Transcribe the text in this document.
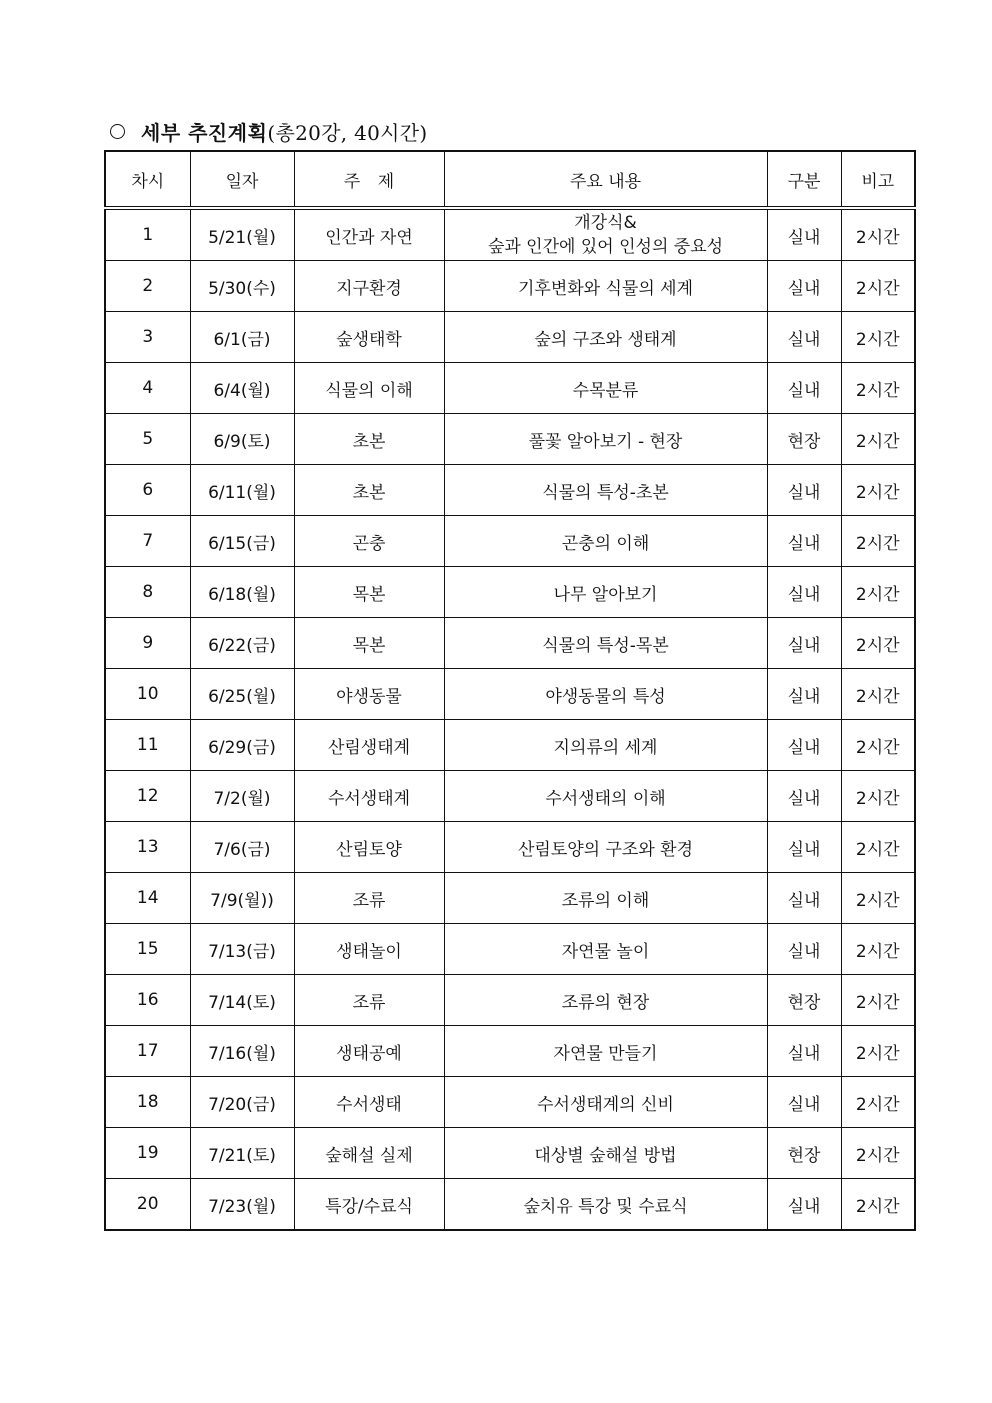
세부 추진계획 (총20강, 40시간)
차시	일자	주 제	주요 내용	구분	비고
1	5/21(월)	인간과 자연	개강식&
숲과 인간에 있어 인성의 중요성	실내	2시간
2	5/30(수)	지구환경	기후변화와 식물의 세계	실내	2시간
3	6/1(금)	숲생태학	숲의 구조와 생태계	실내	2시간
4	6/4(월)	식물의 이해	수목분류	실내	2시간
5	6/9(토)	초본	풀꽃 알아보기 - 현장	현장	2시간
6	6/11(월)	초본	식물의 특성-초본	실내	2시간
7	6/15(금)	곤충	곤충의 이해	실내	2시간
8	6/18(월)	목본	나무 알아보기	실내	2시간
9	6/22(금)	목본	식물의 특성-목본	실내	2시간
10	6/25(월)	야생동물	야생동물의 특성	실내	2시간
11	6/29(금)	산림생태계	지의류의 세계	실내	2시간
12	7/2(월)	수서생태계	수서생태의 이해	실내	2시간
13	7/6(금)	산림토양	산림토양의 구조와 환경	실내	2시간
14	7/9(월))	조류	조류의 이해	실내	2시간
15	7/13(금)	생태놀이	자연물 놀이	실내	2시간
16	7/14(토)	조류	조류의 현장	현장	2시간
17	7/16(월)	생태공예	자연물 만들기	실내	2시간
18	7/20(금)	수서생태	수서생태계의 신비	실내	2시간
19	7/21(토)	숲해설 실제	대상별 숲해설 방법	현장	2시간
20	7/23(월)	특강/수료식	숲치유 특강 및 수료식	실내	2시간
